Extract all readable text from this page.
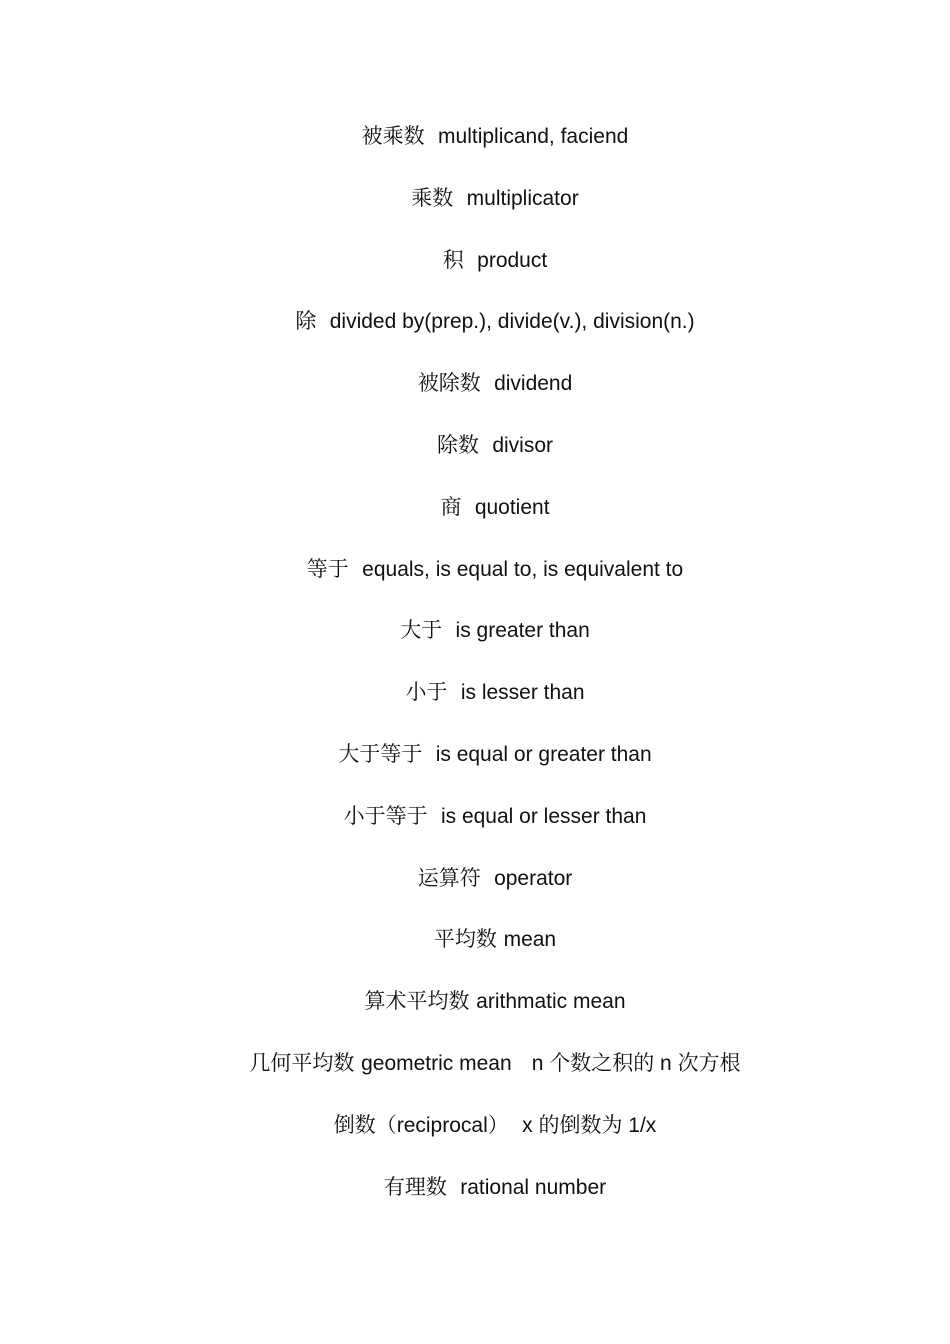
被乘数 multiplicand, faciend
乘数 multiplicator
积 product
除 divided by(prep.), divide(v.), division(n.)
被除数 dividend
除数 divisor
商 quotient
等于 equals, is equal to, is equivalent to
大于 is greater than
小于 is lesser than
大于等于 is equal or greater than
小于等于 is equal or lesser than
运算符 operator
平均数 mean
算术平均数 arithmatic mean
几何平均数 geometric mean n 个数之积的 n 次方根
倒数（reciprocal） x 的倒数为 1/x
有理数 rational number
